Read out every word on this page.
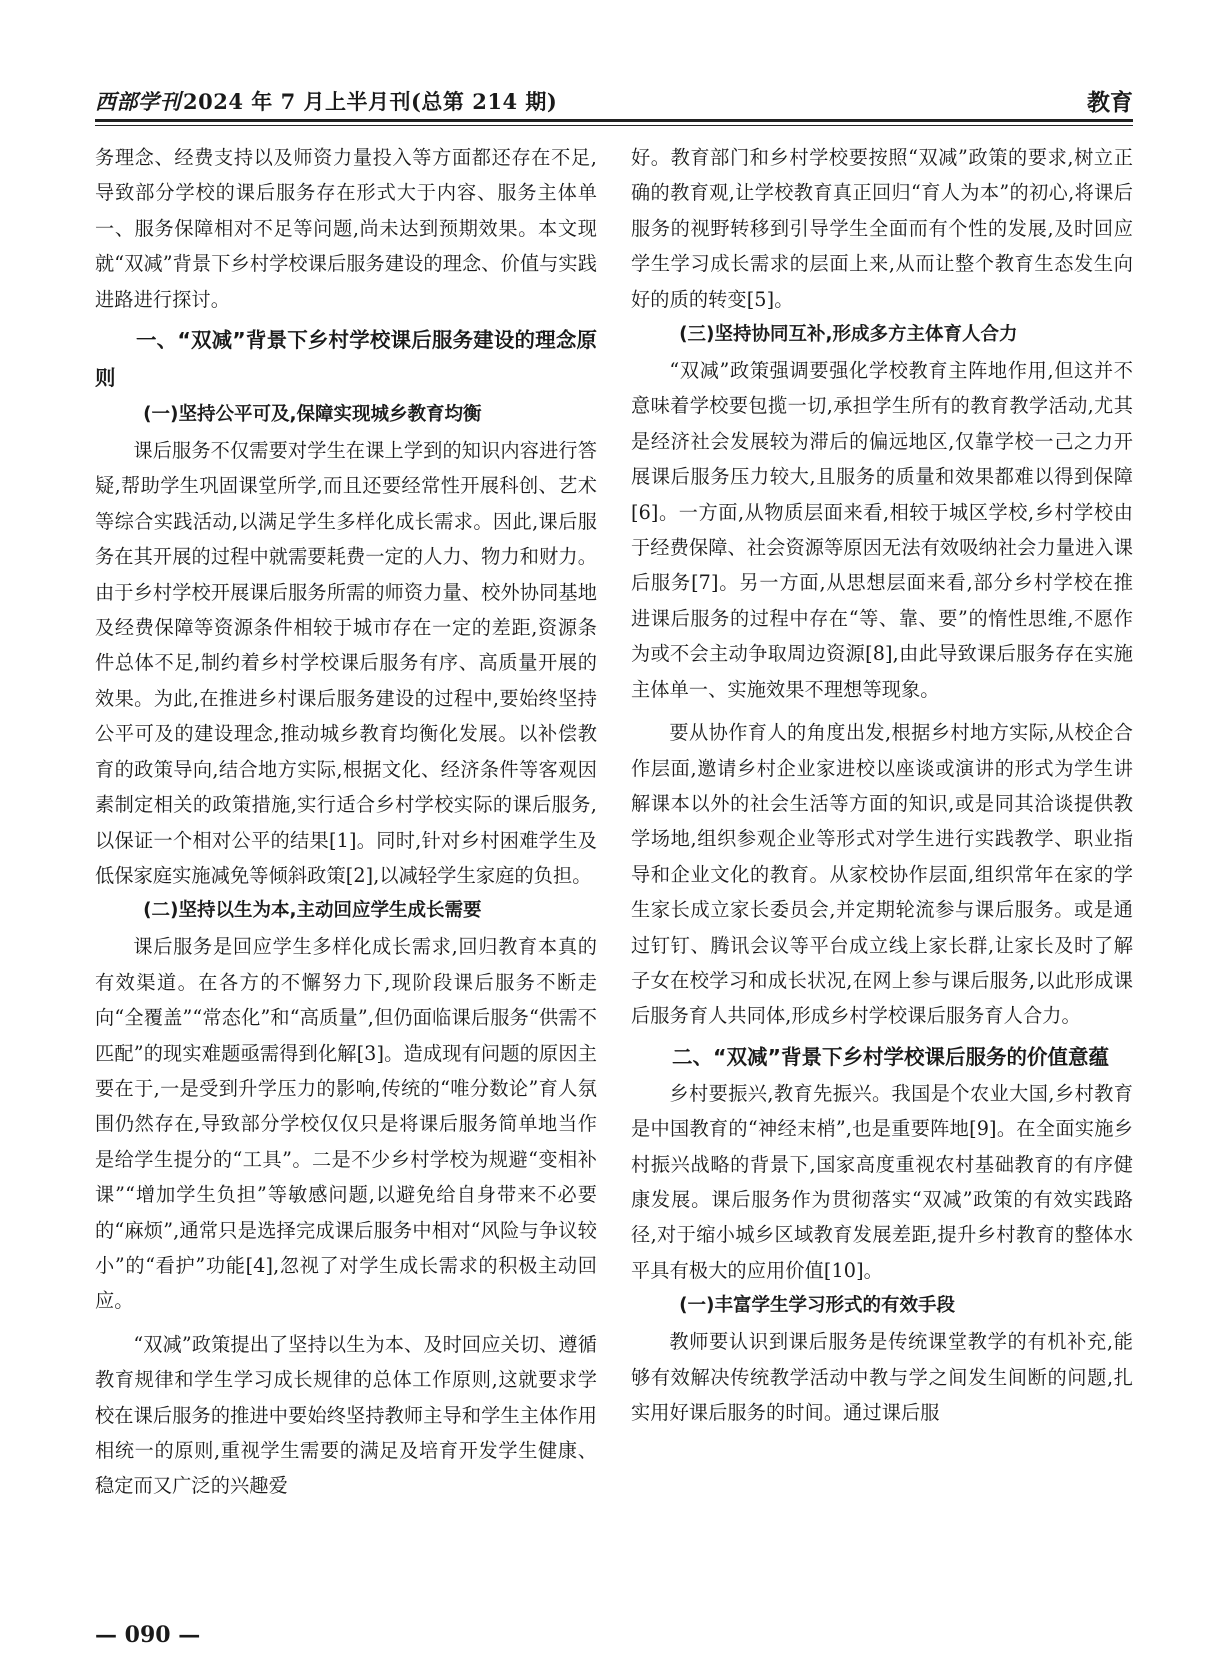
西部学刊2024 年 7 月上半月刊(总第 214 期)	教育

务理念、经费支持以及师资力量投入等方面都还存在不足,导致部分学校的课后服务存在形式大于内容、服务主体单一、服务保障相对不足等问题,尚未达到预期效果。本文现就“双减”背景下乡村学校课后服务建设的理念、价值与实践进路进行探讨。

一、“双减”背景下乡村学校课后服务建设的理念原则
(一)坚持公平可及,保障实现城乡教育均衡

课后服务不仅需要对学生在课上学到的知识内容进行答疑,帮助学生巩固课堂所学,而且还要经常性开展科创、艺术等综合实践活动,以满足学生多样化成长需求。因此,课后服务在其开展的过程中就需要耗费一定的人力、物力和财力。由于乡村学校开展课后服务所需的师资力量、校外协同基地及经费保障等资源条件相较于城市存在一定的差距,资源条件总体不足,制约着乡村学校课后服务有序、高质量开展的效果。为此,在推进乡村课后服务建设的过程中,要始终坚持公平可及的建设理念,推动城乡教育均衡化发展。以补偿教育的政策导向,结合地方实际,根据文化、经济条件等客观因素制定相关的政策措施,实行适合乡村学校实际的课后服务,以保证一个相对公平的结果[1]。同时,针对乡村困难学生及低保家庭实施减免等倾斜政策[2],以减轻学生家庭的负担。

(二)坚持以生为本,主动回应学生成长需要

课后服务是回应学生多样化成长需求,回归教育本真的有效渠道。在各方的不懈努力下,现阶段课后服务不断走向“全覆盖”“常态化”和“高质量”,但仍面临课后服务“供需不匹配”的现实难题亟需得到化解[3]。造成现有问题的原因主要在于,一是受到升学压力的影响,传统的“唯分数论”育人氛围仍然存在,导致部分学校仅仅只是将课后服务简单地当作是给学生提分的“工具”。二是不少乡村学校为规避“变相补课”“增加学生负担”等敏感问题,以避免给自身带来不必要的“麻烦”,通常只是选择完成课后服务中相对“风险与争议较小”的“看护”功能[4],忽视了对学生成长需求的积极主动回应。

“双减”政策提出了坚持以生为本、及时回应关切、遵循教育规律和学生学习成长规律的总体工作原则,这就要求学校在课后服务的推进中要始终坚持教师主导和学生主体作用相统一的原则,重视学生需要的满足及培育开发学生健康、稳定而又广泛的兴趣爱

好。教育部门和乡村学校要按照“双减”政策的要求,树立正确的教育观,让学校教育真正回归“育人为本”的初心,将课后服务的视野转移到引导学生全面而有个性的发展,及时回应学生学习成长需求的层面上来,从而让整个教育生态发生向好的质的转变[5]。

(三)坚持协同互补,形成多方主体育人合力

“双减”政策强调要强化学校教育主阵地作用,但这并不意味着学校要包揽一切,承担学生所有的教育教学活动,尤其是经济社会发展较为滞后的偏远地区,仅靠学校一己之力开展课后服务压力较大,且服务的质量和效果都难以得到保障[6]。一方面,从物质层面来看,相较于城区学校,乡村学校由于经费保障、社会资源等原因无法有效吸纳社会力量进入课后服务[7]。另一方面,从思想层面来看,部分乡村学校在推进课后服务的过程中存在“等、靠、要”的惰性思维,不愿作为或不会主动争取周边资源[8],由此导致课后服务存在实施主体单一、实施效果不理想等现象。

要从协作育人的角度出发,根据乡村地方实际,从校企合作层面,邀请乡村企业家进校以座谈或演讲的形式为学生讲解课本以外的社会生活等方面的知识,或是同其洽谈提供教学场地,组织参观企业等形式对学生进行实践教学、职业指导和企业文化的教育。从家校协作层面,组织常年在家的学生家长成立家长委员会,并定期轮流参与课后服务。或是通过钉钉、腾讯会议等平台成立线上家长群,让家长及时了解子女在校学习和成长状况,在网上参与课后服务,以此形成课后服务育人共同体,形成乡村学校课后服务育人合力。

二、“双减”背景下乡村学校课后服务的价值意蕴

乡村要振兴,教育先振兴。我国是个农业大国,乡村教育是中国教育的“神经末梢”,也是重要阵地[9]。在全面实施乡村振兴战略的背景下,国家高度重视农村基础教育的有序健康发展。课后服务作为贯彻落实“双减”政策的有效实践路径,对于缩小城乡区域教育发展差距,提升乡村教育的整体水平具有极大的应用价值[10]。

(一)丰富学生学习形式的有效手段

教师要认识到课后服务是传统课堂教学的有机补充,能够有效解决传统教学活动中教与学之间发生间断的问题,扎实用好课后服务的时间。通过课后服

— 090 —
